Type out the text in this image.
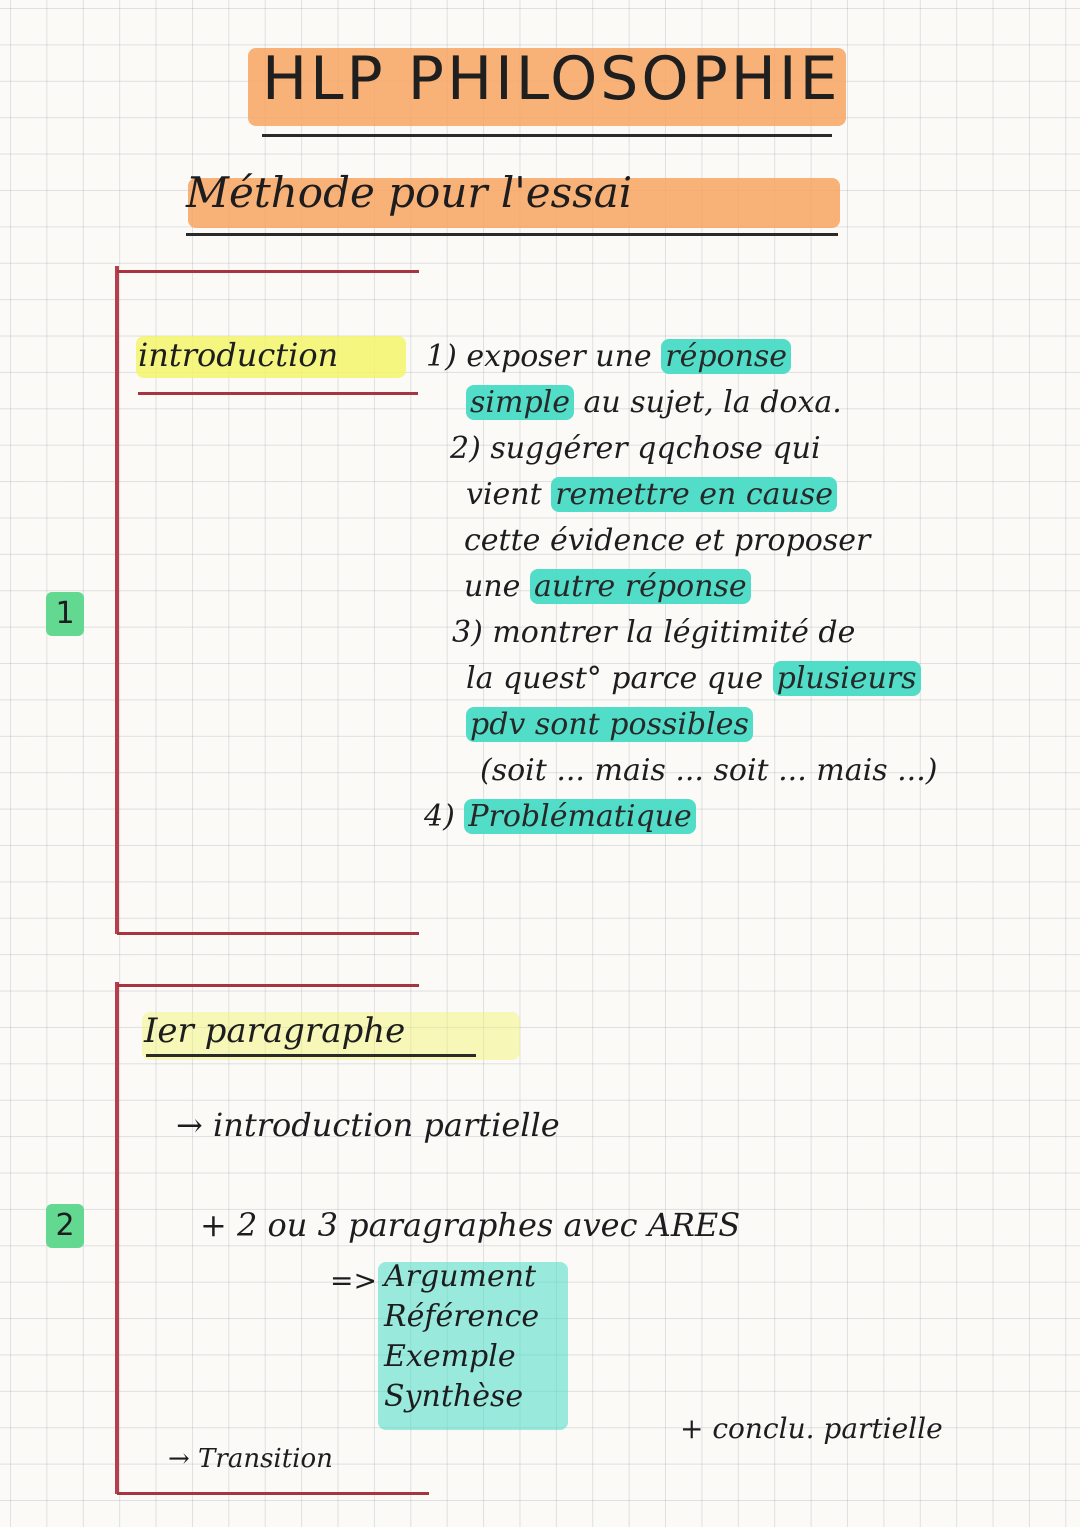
HLP PHILOSOPHIE
Méthode pour l'essai
1
introduction	1) exposer une réponse
simple au sujet, la doxa.
2) suggérer qqchose qui
vient remettre en cause
cette évidence et proposer
une autre réponse
3) montrer la légitimité de
la quest° parce que plusieurs
pdv sont possibles
(soit ... mais ... soit ... mais ...)
4) Problématique
2
Ier paragraphe
→ introduction partielle
+ 2 ou 3 paragraphes avec ARES
=> Argument
Référence
Exemple
Synthèse
+ conclu. partielle
→ Transition
